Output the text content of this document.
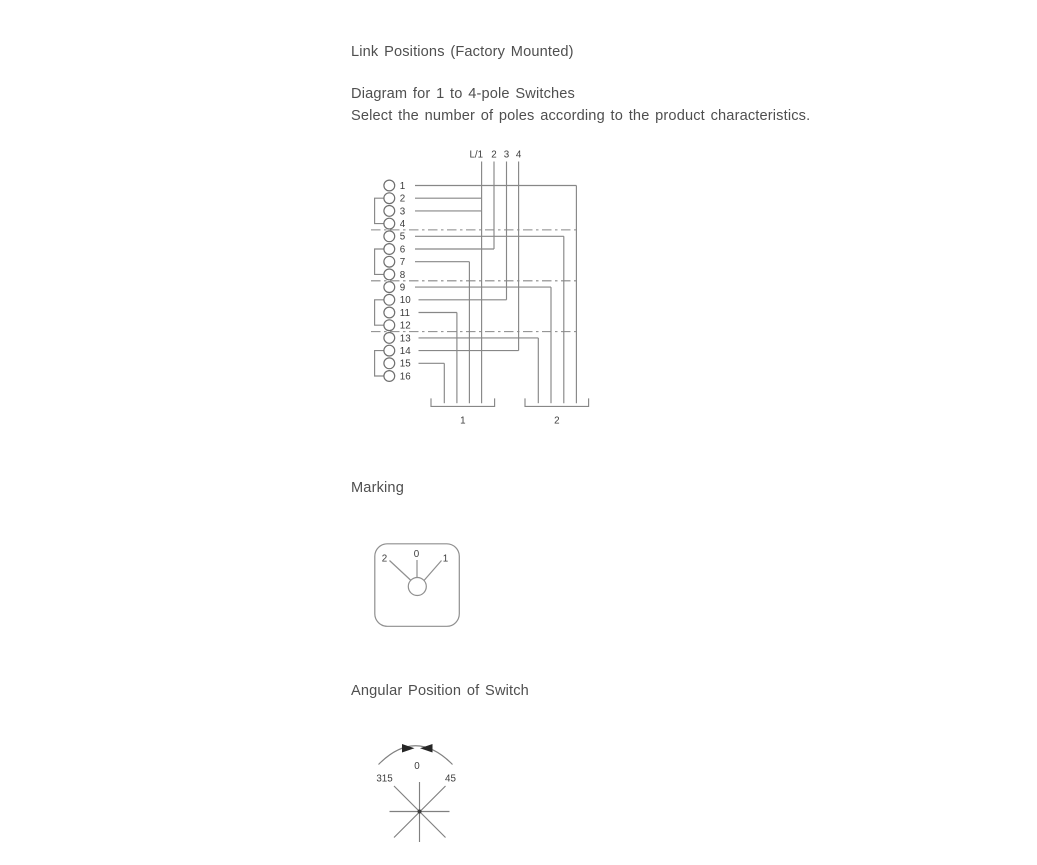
Link Positions (Factory Mounted)
Diagram for 1 to 4-pole Switches
Select the number of poles according to the product characteristics.
L/1 2 3 4
1
2
3
4
5
6
7
8
9
10
11
12
13
14
15
16
1	2
Marking
2	0 1
Angular Position of Switch
0
315	45
